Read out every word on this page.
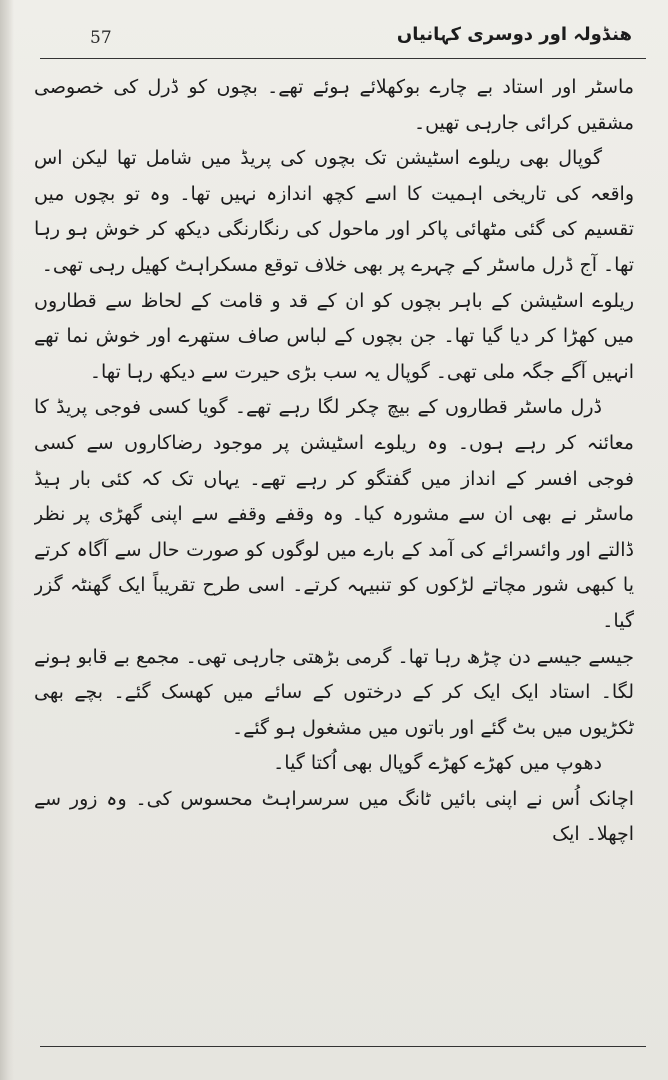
57	ھنڈولہ اور دوسری کہانیاں

ماسٹر اور استاد بے چارے بوکھلائے ہوئے تھے۔ بچوں کو ڈرل کی خصوصی مشقیں کرائی جارہی تھیں۔

گوپال بھی ریلوے اسٹیشن تک بچوں کی پریڈ میں شامل تھا لیکن اس واقعہ کی تاریخی اہمیت کا اسے کچھ اندازہ نہیں تھا۔ وہ تو بچوں میں تقسیم کی گئی مٹھائی پاکر اور ماحول کی رنگارنگی دیکھ کر خوش ہو رہا تھا۔ آج ڈرل ماسٹر کے چہرے پر بھی خلاف توقع مسکراہٹ کھیل رہی تھی۔

ریلوے اسٹیشن کے باہر بچوں کو ان کے قد و قامت کے لحاظ سے قطاروں میں کھڑا کر دیا گیا تھا۔ جن بچوں کے لباس صاف ستھرے اور خوش نما تھے انہیں آگے جگہ ملی تھی۔ گوپال یہ سب بڑی حیرت سے دیکھ رہا تھا۔

ڈرل ماسٹر قطاروں کے بیچ چکر لگا رہے تھے۔ گویا کسی فوجی پریڈ کا معائنہ کر رہے ہوں۔ وہ ریلوے اسٹیشن پر موجود رضاکاروں سے کسی فوجی افسر کے انداز میں گفتگو کر رہے تھے۔ یہاں تک کہ کئی بار ہیڈ ماسٹر نے بھی ان سے مشورہ کیا۔ وہ وقفے وقفے سے اپنی گھڑی پر نظر ڈالتے اور وائسرائے کی آمد کے بارے میں لوگوں کو صورت حال سے آگاہ کرتے یا کبھی شور مچاتے لڑکوں کو تنبیہہ کرتے۔ اسی طرح تقریباً ایک گھنٹہ گزر گیا۔

جیسے جیسے دن چڑھ رہا تھا۔ گرمی بڑھتی جارہی تھی۔ مجمع بے قابو ہونے لگا۔ استاد ایک ایک کر کے درختوں کے سائے میں کھسک گئے۔ بچے بھی ٹکڑیوں میں بٹ گئے اور باتوں میں مشغول ہو گئے۔

دھوپ میں کھڑے کھڑے گوپال بھی اُکتا گیا۔

اچانک اُس نے اپنی بائیں ٹانگ میں سرسراہٹ محسوس کی۔ وہ زور سے اچھلا۔ ایک
